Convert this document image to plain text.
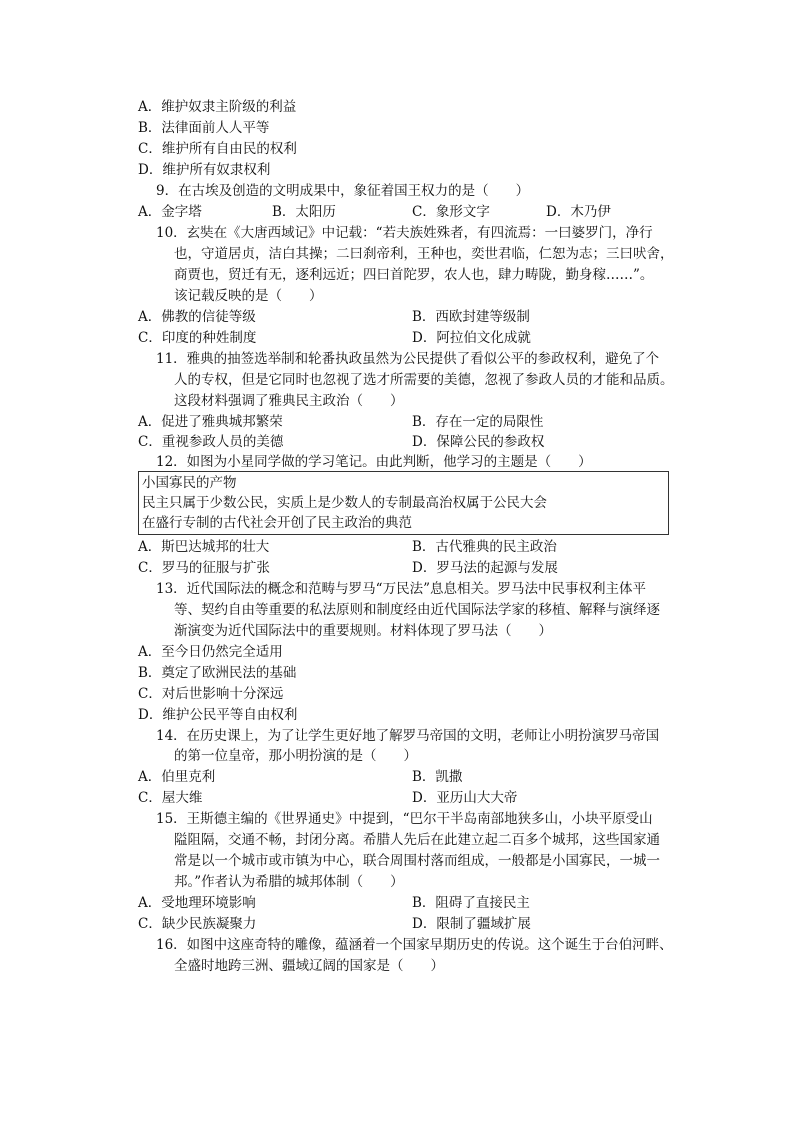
A．维护奴隶主阶级的利益
B．法律面前人人平等
C．维护所有自由民的权利
D．维护所有奴隶权利
9．在古埃及创造的文明成果中，象征着国王权力的是（　　）
A．金字塔	B．太阳历	C．象形文字	D．木乃伊
10．玄奘在《大唐西域记》中记载：“若夫族姓殊者，有四流焉：一曰婆罗门，净行
也，守道居贞，洁白其操；二曰刹帝利，王种也，奕世君临，仁恕为志；三曰吠舍，
商贾也，贸迁有无，逐利远近；四曰首陀罗，农人也，肆力畴陇，勤身稼……”。
该记载反映的是（　　）
A．佛教的信徒等级	B．西欧封建等级制
C．印度的种姓制度	D．阿拉伯文化成就
11．雅典的抽签选举制和轮番执政虽然为公民提供了看似公平的参政权利，避免了个
人的专权，但是它同时也忽视了选才所需要的美德，忽视了参政人员的才能和品质。
这段材料强调了雅典民主政治（　　）
A．促进了雅典城邦繁荣	B．存在一定的局限性
C．重视参政人员的美德	D．保障公民的参政权
12．如图为小星同学做的学习笔记。由此判断，他学习的主题是（　　）
小国寡民的产物
民主只属于少数公民，实质上是少数人的专制最高治权属于公民大会
在盛行专制的古代社会开创了民主政治的典范
A．斯巴达城邦的壮大	B．古代雅典的民主政治
C．罗马的征服与扩张	D．罗马法的起源与发展
13．近代国际法的概念和范畴与罗马“万民法”息息相关。罗马法中民事权利主体平
等、契约自由等重要的私法原则和制度经由近代国际法学家的移植、解释与演绎逐
渐演变为近代国际法中的重要规则。材料体现了罗马法（　　）
A．至今日仍然完全适用
B．奠定了欧洲民法的基础
C．对后世影响十分深远
D．维护公民平等自由权利
14．在历史课上，为了让学生更好地了解罗马帝国的文明，老师让小明扮演罗马帝国
的第一位皇帝，那小明扮演的是（　　）
A．伯里克利	B．凯撒
C．屋大维	D．亚历山大大帝
15．王斯德主编的《世界通史》中提到，“巴尔干半岛南部地狭多山，小块平原受山
隘阻隔，交通不畅，封闭分离。希腊人先后在此建立起二百多个城邦，这些国家通
常是以一个城市或市镇为中心，联合周围村落而组成，一般都是小国寡民，一城一
邦。”作者认为希腊的城邦体制（　　）
A．受地理环境影响	B．阻碍了直接民主
C．缺少民族凝聚力	D．限制了疆域扩展
16．如图中这座奇特的雕像，蕴涵着一个国家早期历史的传说。这个诞生于台伯河畔、
全盛时地跨三洲、疆域辽阔的国家是（　　）
